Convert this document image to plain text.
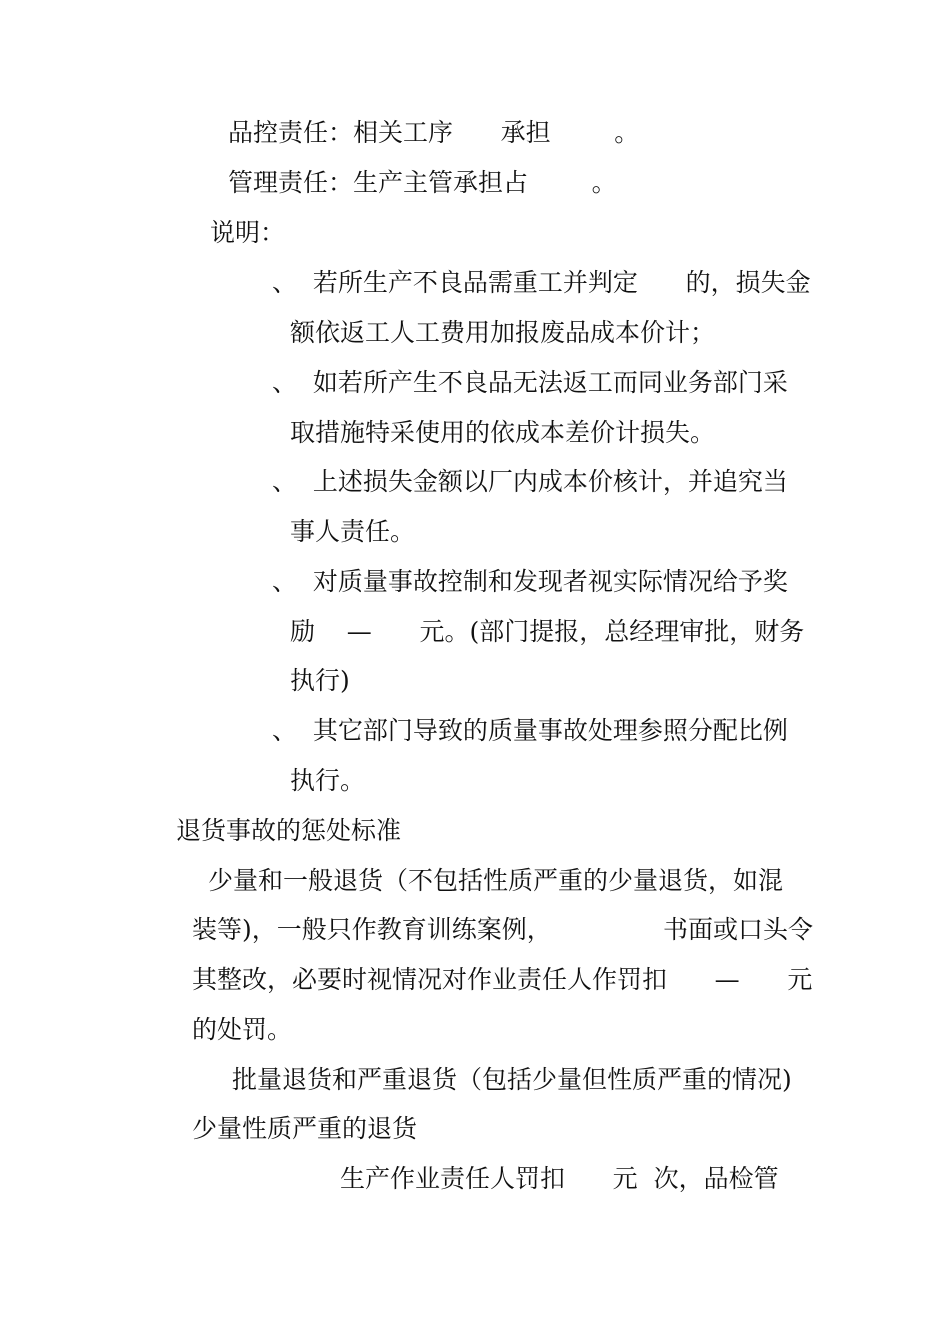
品控责任：相关工序      承担        。

管理责任：生产主管承担占        。

说明：

、  若所生产不良品需重工并判定      的，损失金

额依返工人工费用加报废品成本价计；

、  如若所产生不良品无法返工而同业务部门采

取措施特采使用的依成本差价计损失。

、  上述损失金额以厂内成本价核计，并追究当

事人责任。

、  对质量事故控制和发现者视实际情况给予奖

励    —      元。(部门提报，总经理审批，财务

执行)

、  其它部门导致的质量事故处理参照分配比例

执行。

退货事故的惩处标准

少量和一般退货（不包括性质严重的少量退货，如混

装等)，一般只作教育训练案例，              书面或口头令

其整改，必要时视情况对作业责任人作罚扣      —      元

的处罚。

批量退货和严重退货（包括少量但性质严重的情况)

少量性质严重的退货

生产作业责任人罚扣      元  次，品检管
